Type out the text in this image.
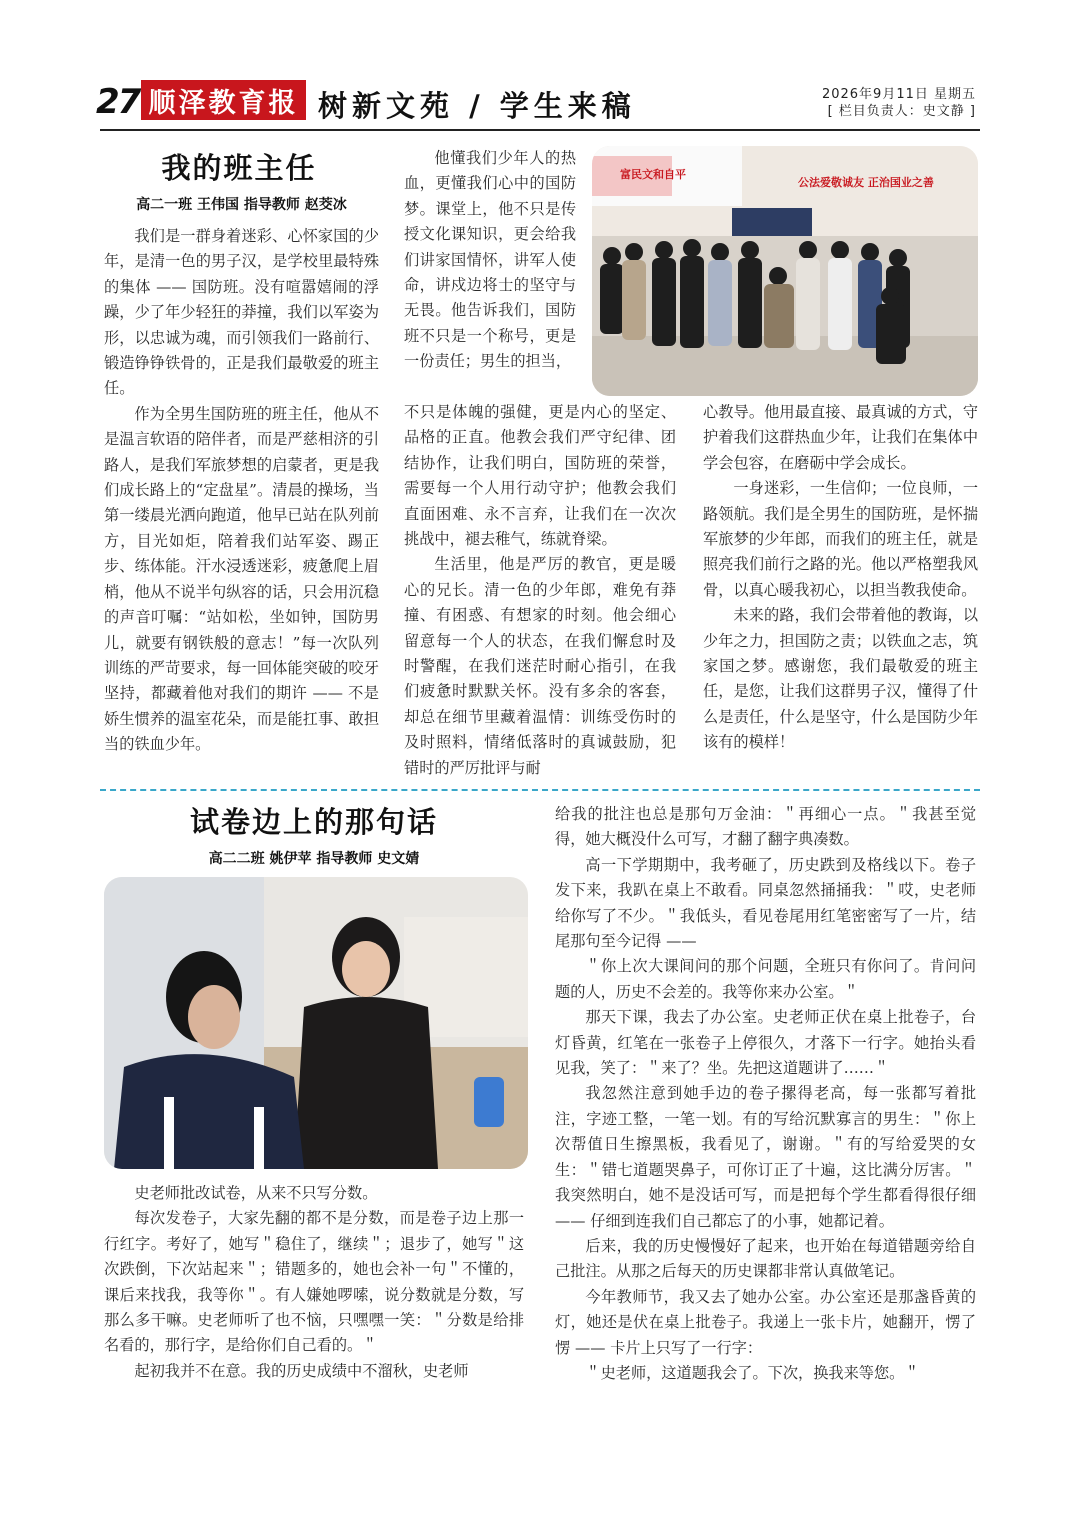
27 顺泽教育报 树新文苑 / 学生来稿	2026年9月11日 星期五
[ 栏目负责人：史文静 ]
我的班主任
高二一班 王伟国 指导教师 赵茭冰

我们是一群身着迷彩、心怀家国的少年，是清一色的男子汉，是学校里最特殊的集体 —— 国防班。没有喧嚣嬉闹的浮躁，少了年少轻狂的莽撞，我们以军姿为形，以忠诚为魂，而引领我们一路前行、锻造铮铮铁骨的，正是我们最敬爱的班主任。

作为全男生国防班的班主任，他从不是温言软语的陪伴者，而是严慈相济的引路人，是我们军旅梦想的启蒙者，更是我们成长路上的“定盘星”。清晨的操场，当第一缕晨光洒向跑道，他早已站在队列前方，目光如炬，陪着我们站军姿、踢正步、练体能。汗水浸透迷彩，疲惫爬上眉梢，他从不说半句纵容的话，只会用沉稳的声音叮嘱：“站如松，坐如钟，国防男儿，就要有钢铁般的意志！”每一次队列训练的严苛要求，每一回体能突破的咬牙坚持，都藏着他对我们的期许 —— 不是娇生惯养的温室花朵，而是能扛事、敢担当的铁血少年。

他懂我们少年人的热血，更懂我们心中的国防梦。课堂上，他不只是传授文化课知识，更会给我们讲家国情怀，讲军人使命，讲戍边将士的坚守与无畏。他告诉我们，国防班不只是一个称号，更是一份责任；男生的担当，

富民文和自平
公法爱敬诚友 正治国业之善

不只是体魄的强健，更是内心的坚定、品格的正直。他教会我们严守纪律、团结协作，让我们明白，国防班的荣誉，需要每一个人用行动守护；他教会我们直面困难、永不言弃，让我们在一次次挑战中，褪去稚气，练就脊梁。

生活里，他是严厉的教官，更是暖心的兄长。清一色的少年郎，难免有莽撞、有困惑、有想家的时刻。他会细心留意每一个人的状态，在我们懈怠时及时警醒，在我们迷茫时耐心指引，在我们疲惫时默默关怀。没有多余的客套，却总在细节里藏着温情：训练受伤时的及时照料，情绪低落时的真诚鼓励，犯错时的严厉批评与耐

心教导。他用最直接、最真诚的方式，守护着我们这群热血少年，让我们在集体中学会包容，在磨砺中学会成长。

一身迷彩，一生信仰；一位良师，一路领航。我们是全男生的国防班，是怀揣军旅梦的少年郎，而我们的班主任，就是照亮我们前行之路的光。他以严格塑我风骨，以真心暖我初心，以担当教我使命。

未来的路，我们会带着他的教诲，以少年之力，担国防之责；以铁血之志，筑家国之梦。感谢您，我们最敬爱的班主任，是您，让我们这群男子汉，懂得了什么是责任，什么是坚守，什么是国防少年该有的模样！

试卷边上的那句话
高二二班 姚伊苹 指导教师 史文婧

史老师批改试卷，从来不只写分数。

每次发卷子，大家先翻的都不是分数，而是卷子边上那一行红字。考好了，她写＂稳住了，继续＂；退步了，她写＂这次跌倒，下次站起来＂；错题多的，她也会补一句＂不懂的，课后来找我，我等你＂。有人嫌她啰嗦，说分数就是分数，写那么多干嘛。史老师听了也不恼，只嘿嘿一笑：＂分数是给排名看的，那行字，是给你们自己看的。＂

起初我并不在意。我的历史成绩中不溜秋，史老师

给我的批注也总是那句万金油：＂再细心一点。＂我甚至觉得，她大概没什么可写，才翻了翻字典凑数。

高一下学期期中，我考砸了，历史跌到及格线以下。卷子发下来，我趴在桌上不敢看。同桌忽然捅捅我：＂哎，史老师给你写了不少。＂我低头，看见卷尾用红笔密密写了一片，结尾那句至今记得 ——

＂你上次大课间问的那个问题，全班只有你问了。肯问问题的人，历史不会差的。我等你来办公室。＂

那天下课，我去了办公室。史老师正伏在桌上批卷子，台灯昏黄，红笔在一张卷子上停很久，才落下一行字。她抬头看见我，笑了：＂来了？坐。先把这道题讲了……＂

我忽然注意到她手边的卷子摞得老高，每一张都写着批注，字迹工整，一笔一划。有的写给沉默寡言的男生：＂你上次帮值日生擦黑板，我看见了，谢谢。＂有的写给爱哭的女生：＂错七道题哭鼻子，可你订正了十遍，这比满分厉害。＂我突然明白，她不是没话可写，而是把每个学生都看得很仔细 —— 仔细到连我们自己都忘了的小事，她都记着。

后来，我的历史慢慢好了起来，也开始在每道错题旁给自己批注。从那之后每天的历史课都非常认真做笔记。

今年教师节，我又去了她办公室。办公室还是那盏昏黄的灯，她还是伏在桌上批卷子。我递上一张卡片，她翻开，愣了愣 —— 卡片上只写了一行字：

＂史老师，这道题我会了。下次，换我来等您。＂
